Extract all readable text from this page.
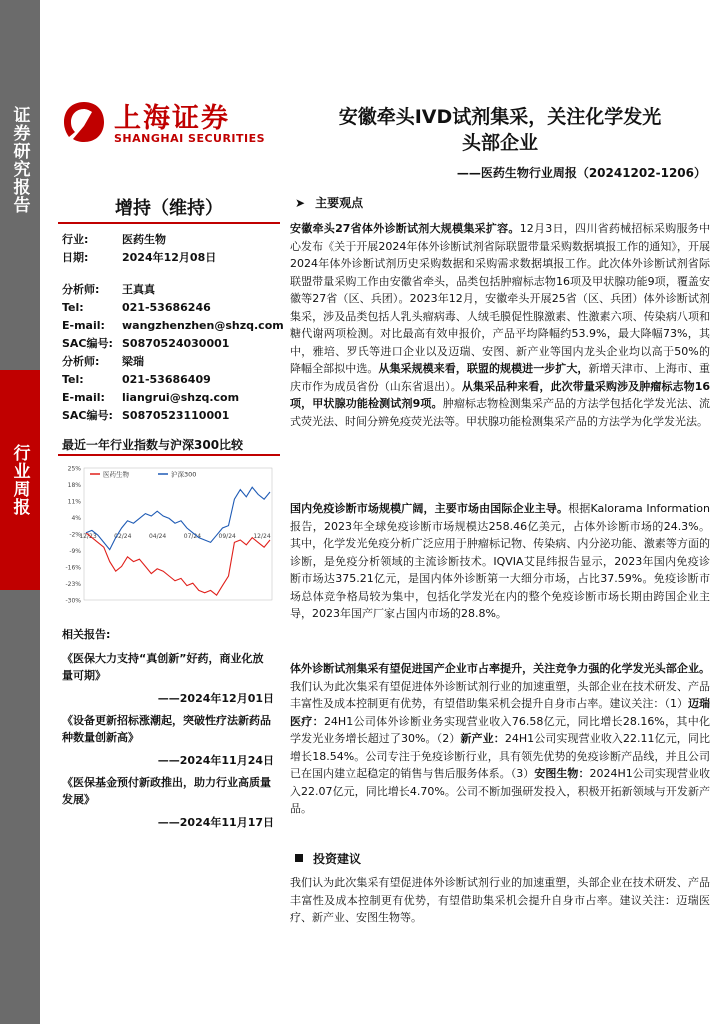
证券研究报告
行业周报
上海证券
SHANGHAI SECURITIES
安徽牵头IVD试剂集采，关注化学发光
头部企业
——医药生物行业周报（20241202-1206）
增持（维持）
行业:	医药生物
日期:	2024年12月08日
分析师: 王真真
Tel:	021-53686246
E-mail: wangzhenzhen@shzq.com
SAC编号: S0870524030001
分析师: 梁瑞
Tel:	021-53686409
E-mail: liangrui@shzq.com
SAC编号: S0870523110001
最近一年行业指数与沪深300比较
25%
18%
11%
4%
-2%
-9%
-16%
-23%
-30%
12/23	02/24	04/24	07/24	09/24	12/24
医药生物	沪深300
相关报告:
《医保大力支持“真创新”好药，商业化放量可期》
——2024年12月01日
《设备更新招标涨潮起，突破性疗法新药品种数量创新高》
——2024年11月24日
《医保基金预付新政推出，助力行业高质量发展》
——2024年11月17日
➤ 主要观点
安徽牵头27省体外诊断试剂大规模集采扩容。12月3日，四川省药械招标采购服务中心发布《关于开展2024年体外诊断试剂省际联盟带量采购数据填报工作的通知》，开展2024年体外诊断试剂历史采购数据和采购需求数据填报工作。此次体外诊断试剂省际联盟带量采购工作由安徽省牵头，品类包括肿瘤标志物16项及甲状腺功能9项，覆盖安徽等27省（区、兵团）。2023年12月，安徽牵头开展25省（区、兵团）体外诊断试剂集采，涉及品类包括人乳头瘤病毒、人绒毛膜促性腺激素、性激素六项、传染病八项和糖代谢两项检测。对比最高有效申报价，产品平均降幅约53.9%，最大降幅73%，其中，雅培、罗氏等进口企业以及迈瑞、安图、新产业等国内龙头企业均以高于50%的降幅全部拟中选。从集采规模来看，联盟的规模进一步扩大，新增天津市、上海市、重庆市作为成员省份（山东省退出）。从集采品种来看，此次带量采购涉及肿瘤标志物16项，甲状腺功能检测试剂9项。肿瘤标志物检测集采产品的方法学包括化学发光法、流式荧光法、时间分辨免疫荧光法等。甲状腺功能检测集采产品的方法学为化学发光法。
国内免疫诊断市场规模广阔，主要市场由国际企业主导。根据Kalorama Information报告，2023年全球免疫诊断市场规模达258.46亿美元，占体外诊断市场的24.3%。其中，化学发光免疫分析广泛应用于肿瘤标记物、传染病、内分泌功能、激素等方面的诊断，是免疫分析领域的主流诊断技术。IQVIA艾昆纬报告显示，2023年国内免疫诊断市场达375.21亿元，是国内体外诊断第一大细分市场，占比37.59%。免疫诊断市场总体竞争格局较为集中，包括化学发光在内的整个免疫诊断市场长期由跨国企业主导，2023年国产厂家占国内市场的28.8%。
体外诊断试剂集采有望促进国产企业市占率提升，关注竞争力强的化学发光头部企业。我们认为此次集采有望促进体外诊断试剂行业的加速重塑，头部企业在技术研发、产品丰富性及成本控制更有优势，有望借助集采机会提升自身市占率。建议关注：（1）迈瑞医疗：24H1公司体外诊断业务实现营业收入76.58亿元，同比增长28.16%，其中化学发光业务增长超过了30%。（2）新产业：24H1公司实现营业收入22.11亿元，同比增长18.54%。公司专注于免疫诊断行业，具有领先优势的免疫诊断产品线，并且公司已在国内建立起稳定的销售与售后服务体系。（3）安图生物：2024H1公司实现营业收入22.07亿元，同比增长4.70%。公司不断加强研发投入，积极开拓新领域与开发新产品。
投资建议
我们认为此次集采有望促进体外诊断试剂行业的加速重塑，头部企业在技术研发、产品丰富性及成本控制更有优势，有望借助集采机会提升自身市占率。建议关注：迈瑞医疗、新产业、安图生物等。
